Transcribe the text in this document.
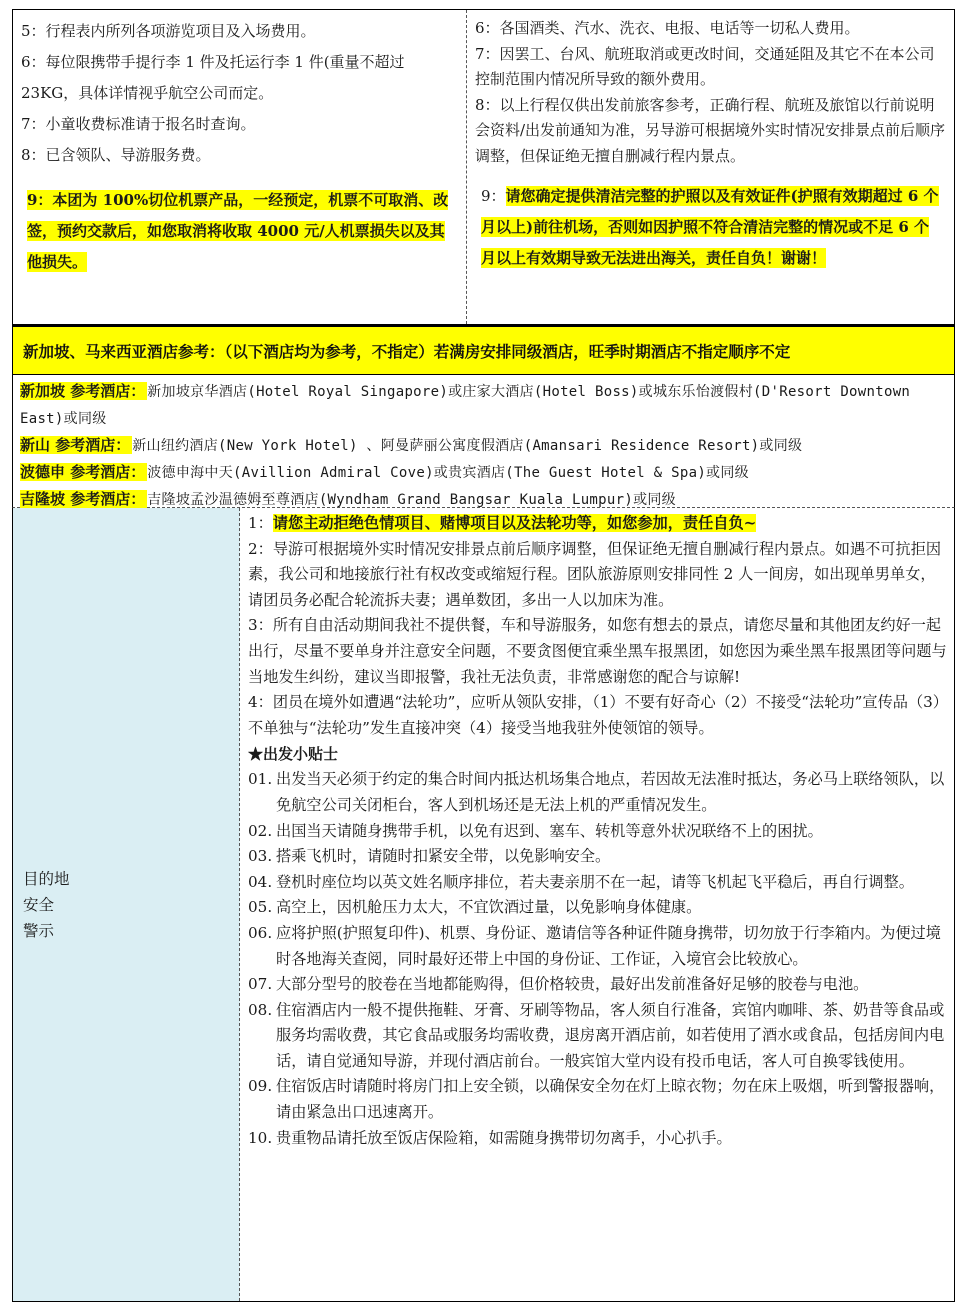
5：行程表内所列各项游览项目及入场费用。

6：每位限携带手提行李 1 件及托运行李 1 件(重量不超过 23KG，具体详情视乎航空公司而定。

7：小童收费标准请于报名时查询。

8：已含领队、导游服务费。

9：本团为 100%切位机票产品，一经预定，机票不可取消、改签，预约交款后，如您取消将收取 4000 元/人机票损失以及其他损失。

6：各国酒类、汽水、洗衣、电报、电话等一切私人费用。

7：因罢工、台风、航班取消或更改时间，交通延阻及其它不在本公司控制范围内情况所导致的额外费用。

8：以上行程仅供出发前旅客参考，正确行程、航班及旅馆以行前说明会资料/出发前通知为准，另导游可根据境外实时情况安排景点前后顺序调整，但保证绝无擅自删减行程内景点。

9：请您确定提供清洁完整的护照以及有效证件(护照有效期超过 6 个月以上)前往机场，否则如因护照不符合清洁完整的情况或不足 6 个月以上有效期导致无法进出海关，责任自负！谢谢！
新加坡、马来西亚酒店参考：（以下酒店均为参考，不指定）若满房安排同级酒店，旺季时期酒店不指定顺序不定

新加坡 参考酒店： 新加坡京华酒店(Hotel Royal Singapore)或庄家大酒店(Hotel Boss)或城东乐怡渡假村(D'Resort Downtown East)或同级

新山 参考酒店： 新山纽约酒店(New York Hotel) 、阿曼萨丽公寓度假酒店(Amansari Residence Resort)或同级

波德申 参考酒店： 波德申海中天(Avillion Admiral Cove)或贵宾酒店(The Guest Hotel & Spa)或同级

吉隆坡 参考酒店： 吉隆坡孟沙温德姆至尊酒店(Wyndham Grand Bangsar Kuala Lumpur)或同级

目的地
安全
警示

1：请您主动拒绝色情项目、赌博项目以及法轮功等，如您参加，责任自负~

2：导游可根据境外实时情况安排景点前后顺序调整，但保证绝无擅自删减行程内景点。如遇不可抗拒因素，我公司和地接旅行社有权改变或缩短行程。团队旅游原则安排同性 2 人一间房，如出现单男单女，请团员务必配合轮流拆夫妻；遇单数团，多出一人以加床为准。

3：所有自由活动期间我社不提供餐，车和导游服务，如您有想去的景点，请您尽量和其他团友约好一起出行，尽量不要单身并注意安全问题，不要贪图便宜乘坐黑车报黑团，如您因为乘坐黑车报黑团等问题与当地发生纠纷，建议当即报警，我社无法负责，非常感谢您的配合与谅解!

4：团员在境外如遭遇“法轮功”，应听从领队安排，（1）不要有好奇心（2）不接受“法轮功”宣传品（3）不单独与“法轮功”发生直接冲突（4）接受当地我驻外使领馆的领导。

★出发小贴士

01. 出发当天必须于约定的集合时间内抵达机场集合地点，若因故无法准时抵达，务必马上联络领队，以免航空公司关闭柜台，客人到机场还是无法上机的严重情况发生。

02. 出国当天请随身携带手机，以免有迟到、塞车、转机等意外状况联络不上的困扰。

03. 搭乘飞机时，请随时扣紧安全带，以免影响安全。

04. 登机时座位均以英文姓名顺序排位，若夫妻亲朋不在一起，请等飞机起飞平稳后，再自行调整。

05. 高空上，因机舱压力太大，不宜饮酒过量，以免影响身体健康。

06. 应将护照(护照复印件)、机票、身份证、邀请信等各种证件随身携带，切勿放于行李箱内。为便过境时各地海关查阅，同时最好还带上中国的身份证、工作证，入境官会比较放心。

07. 大部分型号的胶卷在当地都能购得，但价格较贵，最好出发前准备好足够的胶卷与电池。

08. 住宿酒店内一般不提供拖鞋、牙膏、牙刷等物品，客人须自行准备，宾馆内咖啡、茶、奶昔等食品或服务均需收费，其它食品或服务均需收费，退房离开酒店前，如若使用了酒水或食品，包括房间内电话，请自觉通知导游，并现付酒店前台。一般宾馆大堂内设有投币电话，客人可自换零钱使用。

09. 住宿饭店时请随时将房门扣上安全锁，以确保安全勿在灯上晾衣物；勿在床上吸烟，听到警报器响，请由紧急出口迅速离开。

10. 贵重物品请托放至饭店保险箱，如需随身携带切勿离手，小心扒手。
